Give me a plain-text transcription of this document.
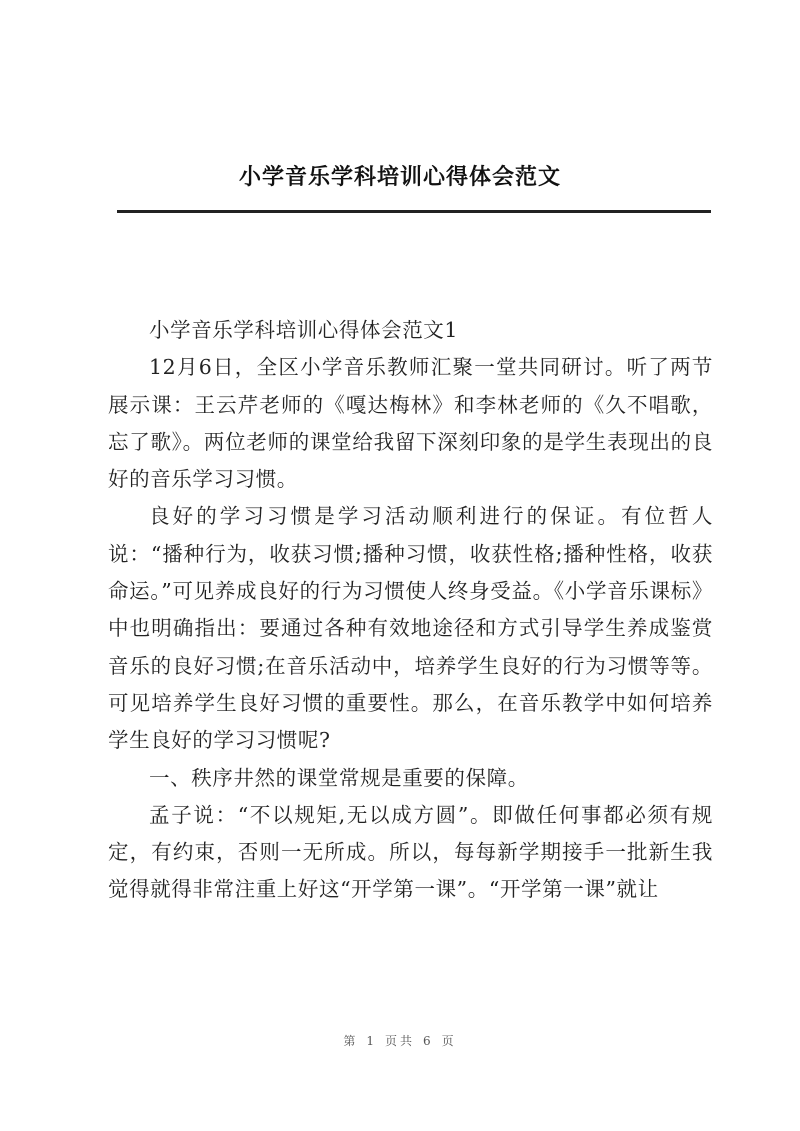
小学音乐学科培训心得体会范文

小学音乐学科培训心得体会范文1

12月6日，全区小学音乐教师汇聚一堂共同研讨。听了两节展示课：王云芹老师的《嘎达梅林》和李林老师的《久不唱歌，忘了歌》。两位老师的课堂给我留下深刻印象的是学生表现出的良好的音乐学习习惯。

良好的学习习惯是学习活动顺利进行的保证。有位哲人说：“播种行为，收获习惯;播种习惯，收获性格;播种性格，收获命运。”可见养成良好的行为习惯使人终身受益。《小学音乐课标》中也明确指出：要通过各种有效地途径和方式引导学生养成鉴赏音乐的良好习惯;在音乐活动中，培养学生良好的行为习惯等等。可见培养学生良好习惯的重要性。那么，在音乐教学中如何培养学生良好的学习习惯呢?

一、秩序井然的课堂常规是重要的保障。

孟子说：“不以规矩,无以成方圆”。即做任何事都必须有规定，有约束，否则一无所成。所以，每每新学期接手一批新生我觉得就得非常注重上好这“开学第一课”。“开学第一课”就让

第 1 页共 6 页
